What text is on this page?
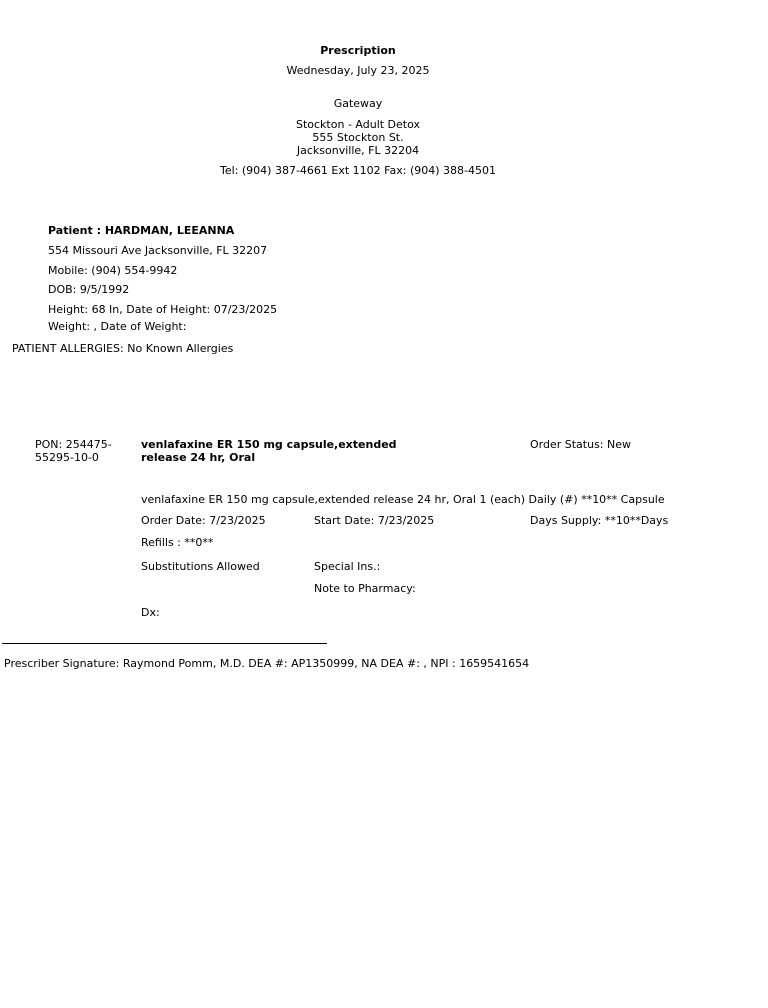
Prescription
Wednesday, July 23, 2025
Gateway
Stockton - Adult Detox
555 Stockton St.
Jacksonville, FL 32204
Tel: (904) 387-4661 Ext 1102 Fax: (904) 388-4501
Patient : HARDMAN, LEEANNA
554 Missouri Ave Jacksonville, FL 32207
Mobile: (904) 554-9942
DOB: 9/5/1992
Height: 68 In, Date of Height: 07/23/2025
Weight: , Date of Weight:
PATIENT ALLERGIES: No Known Allergies
PON: 254475-
55295-10-0
venlafaxine ER 150 mg capsule,extended
release 24 hr, Oral
Order Status: New
venlafaxine ER 150 mg capsule,extended release 24 hr, Oral 1 (each) Daily (#) **10** Capsule
Order Date: 7/23/2025	Start Date: 7/23/2025	Days Supply: **10**Days
Refills : **0**
Substitutions Allowed	Special Ins.:
Note to Pharmacy:
Dx:
Prescriber Signature: Raymond Pomm, M.D. DEA #: AP1350999, NA DEA #: , NPI : 1659541654
